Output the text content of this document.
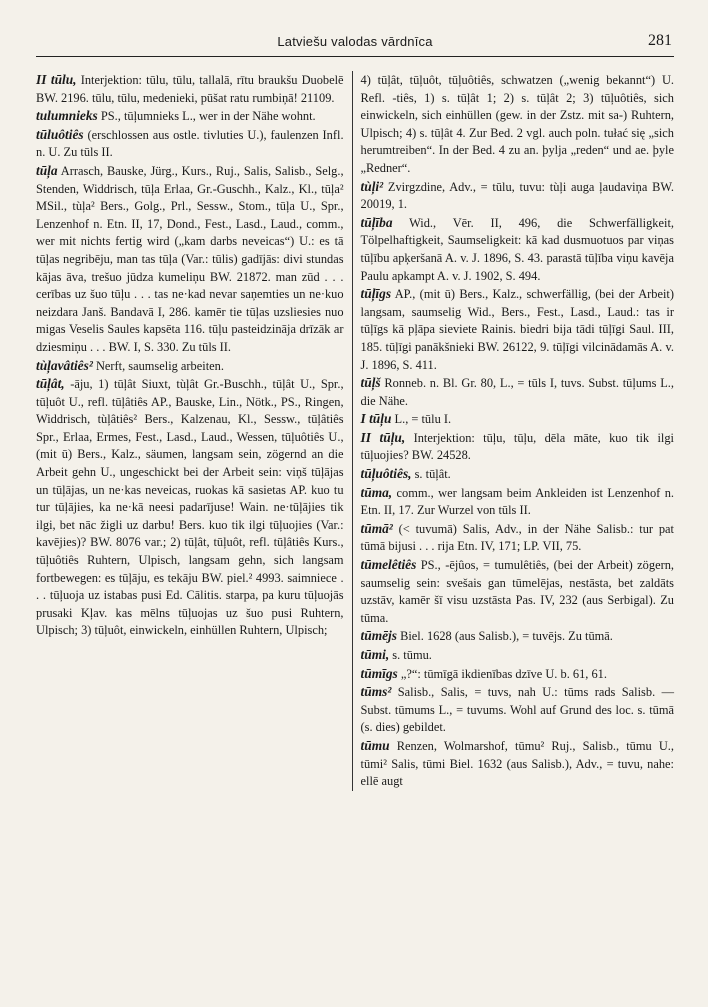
Latviešu valodas vārdnīca	281

II tūlu, Interjektion: tūlu, tūlu, tallalā, rītu braukšu Duobelē BW. 2196. tūlu, tūlu, medenieki, pūšat ratu rumbiņā! 21109.

tulumnieks PS., tūļumnieks L., wer in der Nähe wohnt.

tūluôtiês (erschlossen aus ostle. tivluties U.), faulenzen Infl. n. U. Zu tūls II.

tūļa Arrasch, Bauske, Jürg., Kurs., Ruj., Salis, Salisb., Selg., Stenden, Widdrisch, tūļa Erlaa, Gr.-Guschh., Kalz., Kl., tūļa² MSil., tùļa² Bers., Golg., Prl., Sessw., Stom., tūļa U., Spr., Lenzenhof n. Etn. II, 17, Dond., Fest., Lasd., Laud., comm., wer mit nichts fertig wird („kam darbs neveicas“) U.: es tā tūļas negribēju, man tas tūļa (Var.: tūlis) gadījās: divi stundas kājas āva, trešuo jūdza kumeliņu BW. 21872. man zūd . . . cerības uz šuo tūļu . . . tas ne·kad nevar saņemties un ne·kuo neizdara Janš. Bandavā I, 286. kamēr tie tūļas uzsliesies nuo migas Veselis Saules kapsēta 116. tūļu pasteidzināja drīzāk ar dziesmiņu . . . BW. I, S. 330. Zu tūls II.

tùļavâtiês² Nerft, saumselig arbeiten.

tūļât, -āju, 1) tūļât Siuxt, tùļât Gr.-Buschh., tūļât U., Spr., tūļuôt U., refl. tūļâtiês AP., Bauske, Lin., Nötk., PS., Ringen, Widdrisch, tùļâtiês² Bers., Kalzenau, Kl., Sessw., tūļâtiês Spr., Erlaa, Ermes, Fest., Lasd., Laud., Wessen, tūļuôtiês U., (mit ū) Bers., Kalz., säumen, langsam sein, zögernd an die Arbeit gehn U., ungeschickt bei der Arbeit sein: viņš tūļājas un tūļājas, un ne·kas neveicas, ruokas kā sasietas AP. kuo tu tur tūļājies, ka ne·kā neesi padarījuse! Wain. ne·tūļājies tik ilgi, bet nāc žigli uz darbu! Bers. kuo tik ilgi tūļuojies (Var.: kavējies)? BW. 8076 var.; 2) tūļât, tūļuôt, refl. tūļâtiês Kurs., tūļuôtiês Ruhtern, Ulpisch, langsam gehn, sich langsam fortbewegen: es tūļāju, es tekāju BW. piel.² 4993. saimniece . . . tūļuoja uz istabas pusi Ed. Cālitis. starpa, pa kuru tūļuojās prusaki Kļav. kas mēlns tūļuojas uz šuo pusi Ruhtern, Ulpisch; 3) tūļuôt, einwickeln, einhüllen Ruhtern, Ulpisch;

4) tūļât, tūļuôt, tūļuôtiês, schwatzen („wenig bekannt“) U. Refl. -tiês, 1) s. tūļât 1; 2) s. tūļât 2; 3) tūļuôtiês, sich einwickeln, sich einhüllen (gew. in der Zstz. mit sa-) Ruhtern, Ulpisch; 4) s. tūļât 4. Zur Bed. 2 vgl. auch poln. tułać się „sich herumtreiben“. In der Bed. 4 zu an. þylja „reden“ und ae. þyle „Redner“.

tùļi² Zvirgzdine, Adv., = tūlu, tuvu: tùļi auga ļaudaviņa BW. 20019, 1.

tūļība Wid., Vēr. II, 496, die Schwerfälligkeit, Tölpelhaftigkeit, Saumseligkeit: kā kad dusmuotuos par viņas tūļību apķeršanā A. v. J. 1896, S. 43. parastā tūļība viņu kavēja Paulu apkampt A. v. J. 1902, S. 494.

tūļīgs AP., (mit ū) Bers., Kalz., schwerfällig, (bei der Arbeit) langsam, saumselig Wid., Bers., Fest., Lasd., Laud.: tas ir tūļīgs kā pļāpa sieviete Rainis. biedri bija tādi tūļīgi Saul. III, 185. tūļīgi panākšnieki BW. 26122, 9. tūļīgi vilcinādamās A. v. J. 1896, S. 411.

tūļš Ronneb. n. Bl. Gr. 80, L., = tūls I, tuvs. Subst. tūļums L., die Nähe.

I tūļu L., = tūlu I.

II tūļu, Interjektion: tūļu, tūļu, dēla māte, kuo tik ilgi tūļuojies? BW. 24528.

tūļuôtiês, s. tūļât.

tūma, comm., wer langsam beim Ankleiden ist Lenzenhof n. Etn. II, 17. Zur Wurzel von tūls II.

tūmā² (< tuvumā) Salis, Adv., in der Nähe Salisb.: tur pat tūmā bijusi . . . rija Etn. IV, 171; LP. VII, 75.

tūmelêtiês PS., -ējûos, = tumulêtiês, (bei der Arbeit) zögern, saumselig sein: svešais gan tūmelējas, nestāsta, bet zaldāts uzstāv, kamēr šī visu uzstāsta Pas. IV, 232 (aus Serbigal). Zu tūma.

tūmējs Biel. 1628 (aus Salisb.), = tuvējs. Zu tūmā.

tūmi, s. tūmu.

tūmīgs „?“: tūmīgā ikdienības dzīve U. b. 61, 61.

tūms² Salisb., Salis, = tuvs, nah U.: tūms rads Salisb. — Subst. tūmums L., = tuvums. Wohl auf Grund des loc. s. tūmā (s. dies) gebildet.

tūmu Renzen, Wolmarshof, tūmu² Ruj., Salisb., tūmu U., tūmi² Salis, tūmi Biel. 1632 (aus Salisb.), Adv., = tuvu, nahe: ellē augt
